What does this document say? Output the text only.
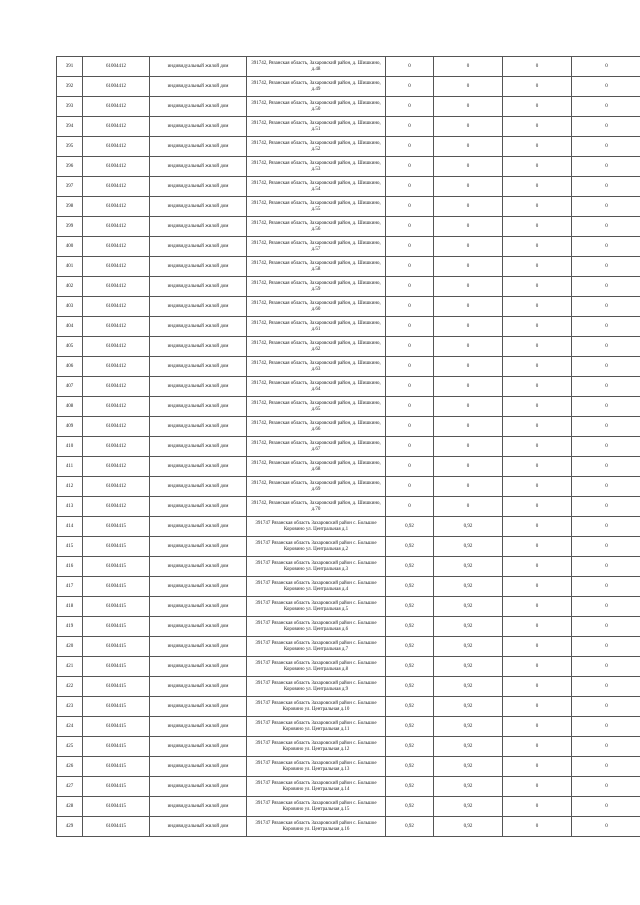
391	61004412	индивидуальный жилой дом	391742, Рязанская область, Захаровский район, д. Шишкино, д.48	0	0	0	0
392	61004412	индивидуальный жилой дом	391742, Рязанская область, Захаровский район, д. Шишкино, д.49	0	0	0	0
393	61004412	индивидуальный жилой дом	391742, Рязанская область, Захаровский район, д. Шишкино, д.50	0	0	0	0
394	61004412	индивидуальный жилой дом	391742, Рязанская область, Захаровский район, д. Шишкино, д.51	0	0	0	0
395	61004412	индивидуальный жилой дом	391742, Рязанская область, Захаровский район, д. Шишкино, д.52	0	0	0	0
396	61004412	индивидуальный жилой дом	391742, Рязанская область, Захаровский район, д. Шишкино, д.53	0	0	0	0
397	61004412	индивидуальный жилой дом	391742, Рязанская область, Захаровский район, д. Шишкино, д.54	0	0	0	0
398	61004412	индивидуальный жилой дом	391742, Рязанская область, Захаровский район, д. Шишкино, д.55	0	0	0	0
399	61004412	индивидуальный жилой дом	391742, Рязанская область, Захаровский район, д. Шишкино, д.56	0	0	0	0
400	61004412	индивидуальный жилой дом	391742, Рязанская область, Захаровский район, д. Шишкино, д.57	0	0	0	0
401	61004412	индивидуальный жилой дом	391742, Рязанская область, Захаровский район, д. Шишкино, д.58	0	0	0	0
402	61004412	индивидуальный жилой дом	391742, Рязанская область, Захаровский район, д. Шишкино, д.59	0	0	0	0
403	61004412	индивидуальный жилой дом	391742, Рязанская область, Захаровский район, д. Шишкино, д.60	0	0	0	0
404	61004412	индивидуальный жилой дом	391742, Рязанская область, Захаровский район, д. Шишкино, д.61	0	0	0	0
405	61004412	индивидуальный жилой дом	391742, Рязанская область, Захаровский район, д. Шишкино, д.62	0	0	0	0
406	61004412	индивидуальный жилой дом	391742, Рязанская область, Захаровский район, д. Шишкино, д.63	0	0	0	0
407	61004412	индивидуальный жилой дом	391742, Рязанская область, Захаровский район, д. Шишкино, д.64	0	0	0	0
408	61004412	индивидуальный жилой дом	391742, Рязанская область, Захаровский район, д. Шишкино, д.65	0	0	0	0
409	61004412	индивидуальный жилой дом	391742, Рязанская область, Захаровский район, д. Шишкино, д.66	0	0	0	0
410	61004412	индивидуальный жилой дом	391742, Рязанская область, Захаровский район, д. Шишкино, д.67	0	0	0	0
411	61004412	индивидуальный жилой дом	391742, Рязанская область, Захаровский район, д. Шишкино, д.68	0	0	0	0
412	61004412	индивидуальный жилой дом	391742, Рязанская область, Захаровский район, д. Шишкино, д.69	0	0	0	0
413	61004412	индивидуальный жилой дом	391742, Рязанская область, Захаровский район, д. Шишкино, д.70	0	0	0	0
414	61004415	индивидуальный жилой дом	391747 Рязанская область Захаровский район с. Большое Коровино ул. Центральная д.1	0,92	0,92	0	0
415	61004415	индивидуальный жилой дом	391747 Рязанская область Захаровский район с. Большое Коровино ул. Центральная д.2	0,92	0,92	0	0
416	61004415	индивидуальный жилой дом	391747 Рязанская область Захаровский район с. Большое Коровино ул. Центральная д.3	0,92	0,92	0	0
417	61004415	индивидуальный жилой дом	391747 Рязанская область Захаровский район с. Большое Коровино ул. Центральная д.4	0,92	0,92	0	0
418	61004415	индивидуальный жилой дом	391747 Рязанская область Захаровский район с. Большое Коровино ул. Центральная д.5	0,92	0,92	0	0
419	61004415	индивидуальный жилой дом	391747 Рязанская область Захаровский район с. Большое Коровино ул. Центральная д.6	0,92	0,92	0	0
420	61004415	индивидуальный жилой дом	391747 Рязанская область Захаровский район с. Большое Коровино ул. Центральная д.7	0,92	0,92	0	0
421	61004415	индивидуальный жилой дом	391747 Рязанская область Захаровский район с. Большое Коровино ул. Центральная д.8	0,92	0,92	0	0
422	61004415	индивидуальный жилой дом	391747 Рязанская область Захаровский район с. Большое Коровино ул. Центральная д.9	0,92	0,92	0	0
423	61004415	индивидуальный жилой дом	391747 Рязанская область Захаровский район с. Большое Коровино ул. Центральная д.10	0,92	0,92	0	0
424	61004415	индивидуальный жилой дом	391747 Рязанская область Захаровский район с. Большое Коровино ул. Центральная д.11	0,92	0,92	0	0
425	61004415	индивидуальный жилой дом	391747 Рязанская область Захаровский район с. Большое Коровино ул. Центральная д.12	0,92	0,92	0	0
426	61004415	индивидуальный жилой дом	391747 Рязанская область Захаровский район с. Большое Коровино ул. Центральная д.13	0,92	0,92	0	0
427	61004415	индивидуальный жилой дом	391747 Рязанская область Захаровский район с. Большое Коровино ул. Центральная д.14	0,92	0,92	0	0
428	61004415	индивидуальный жилой дом	391747 Рязанская область Захаровский район с. Большое Коровино ул. Центральная д.15	0,92	0,92	0	0
429	61004415	индивидуальный жилой дом	391747 Рязанская область Захаровский район с. Большое Коровино ул. Центральная д.16	0,92	0,92	0	0
